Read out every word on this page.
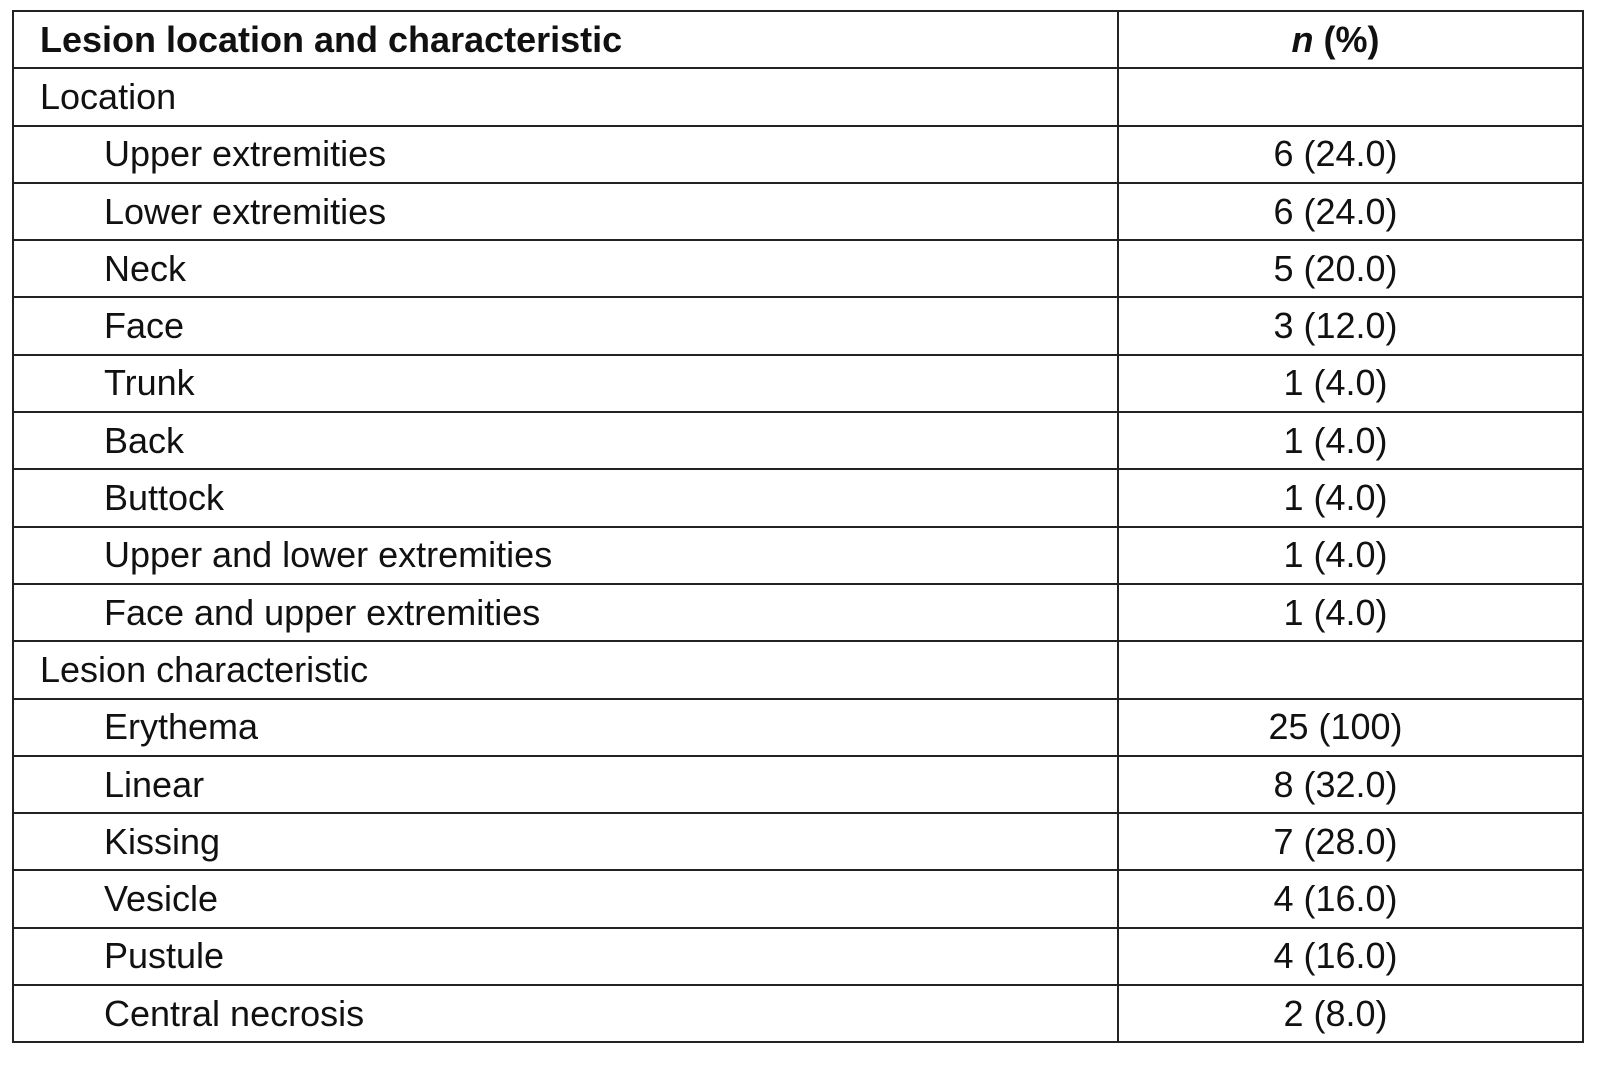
Lesion location and characteristic	n (%)
Location	
Upper extremities	6 (24.0)
Lower extremities	6 (24.0)
Neck	5 (20.0)
Face	3 (12.0)
Trunk	1 (4.0)
Back	1 (4.0)
Buttock	1 (4.0)
Upper and lower extremities	1 (4.0)
Face and upper extremities	1 (4.0)
Lesion characteristic	
Erythema	25 (100)
Linear	8 (32.0)
Kissing	7 (28.0)
Vesicle	4 (16.0)
Pustule	4 (16.0)
Central necrosis	2 (8.0)
